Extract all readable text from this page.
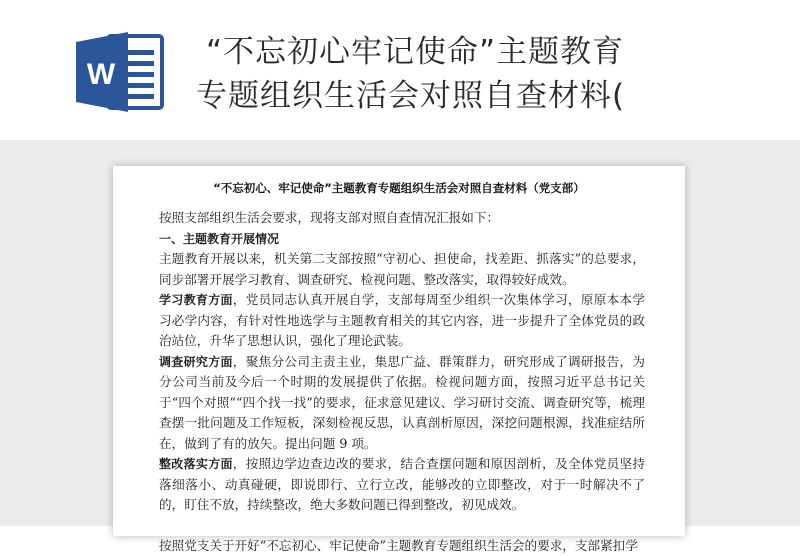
W
“不忘初心牢记使命”主题教育
专题组织生活会对照自查材料(
“不忘初心、牢记使命”主题教育专题组织生活会对照自查材料（党支部）

按照支部组织生活会要求，现将支部对照自查情况汇报如下：

一、主题教育开展情况

主题教育开展以来，机关第二支部按照“守初心、担使命，找差距、抓落实”的总要求，同步部署开展学习教育、调查研究、检视问题、整改落实，取得较好成效。

学习教育方面，党员同志认真开展自学，支部每周至少组织一次集体学习，原原本本学习必学内容，有针对性地选学与主题教育相关的其它内容，进一步提升了全体党员的政治站位，升华了思想认识，强化了理论武装。

调查研究方面，聚焦分公司主责主业，集思广益、群策群力，研究形成了调研报告，为分公司当前及今后一个时期的发展提供了依据。检视问题方面，按照习近平总书记关于“四个对照”“四个找一找”的要求，征求意见建议、学习研讨交流、调查研究等，梳理查摆一批问题及工作短板，深刻检视反思，认真剖析原因，深挖问题根源，找准症结所在，做到了有的放矢。提出问题 9 项。

整改落实方面，按照边学边查边改的要求，结合查摆问题和原因剖析，及全体党员坚持落细落小、动真碰硬，即说即行、立行立改，能够改的立即整改，对于一时解决不了的，盯住不放，持续整改，绝大多数问题已得到整改，初见成效。

按照党支关于开好“不忘初心、牢记使命”主题教育专题组织生活会的要求，支部紧扣学
